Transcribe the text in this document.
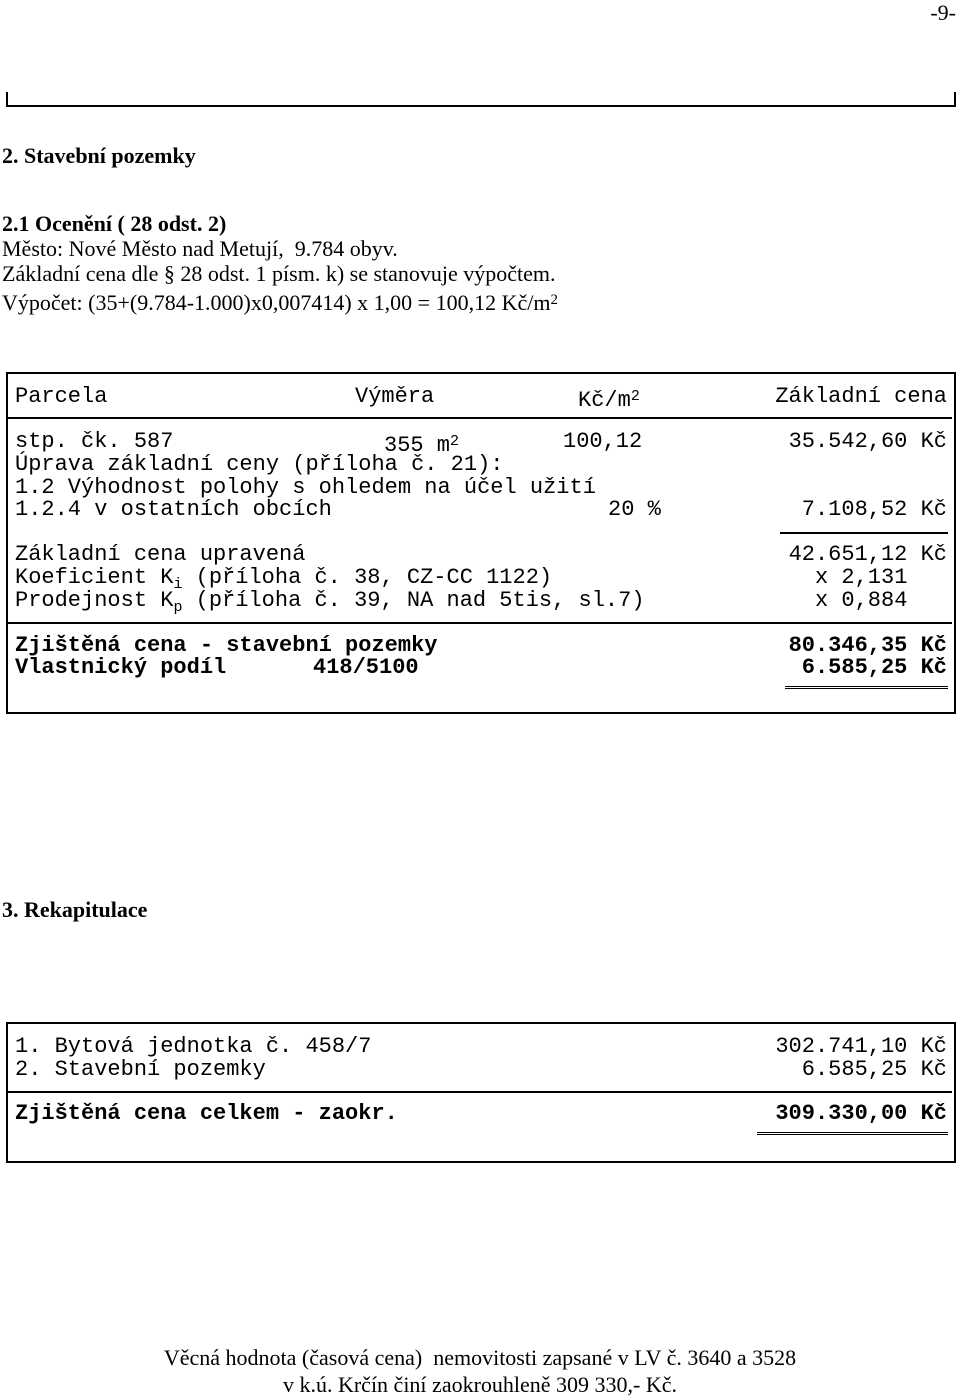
-9-
2. Stavební pozemky
2.1 Ocenění ( 28 odst. 2)
Město: Nové Město nad Metují,  9.784 obyv.
Základní cena dle § 28 odst. 1 písm. k) se stanovuje výpočtem.
Výpočet: (35+(9.784-1.000)x0,007414) x 1,00 = 100,12 $Kč/m^2$
Parcela	Výměra	$Kč/m^2$	Základní cena
stp. čk. 587	355 $m^2$	100,12	35.542,60 Kč
Úprava základní ceny (příloha č. 21):
1.2 Výhodnost polohy s ohledem na účel užití
1.2.4 v ostatních obcích	20 %	7.108,52 Kč
Základní cena upravená	42.651,12 Kč
Koeficient $K_i$ (příloha č. 38, CZ-CC 1122)	x 2,131
Prodejnost $K_p$ (příloha č. 39, NA nad 5tis, sl.7)	x 0,884
Zjištěná cena - stavební pozemky	80.346,35 Kč
Vlastnický podíl	418/5100	6.585,25 Kč
3. Rekapitulace
1. Bytová jednotka č. 458/7	302.741,10 Kč
2. Stavební pozemky	6.585,25 Kč
Zjištěná cena celkem - zaokr.	309.330,00 Kč
Věcná hodnota (časová cena)  nemovitosti zapsané v LV č. 3640 a 3528
v k.ú. Krčín činí zaokrouhleně 309 330,- Kč.
